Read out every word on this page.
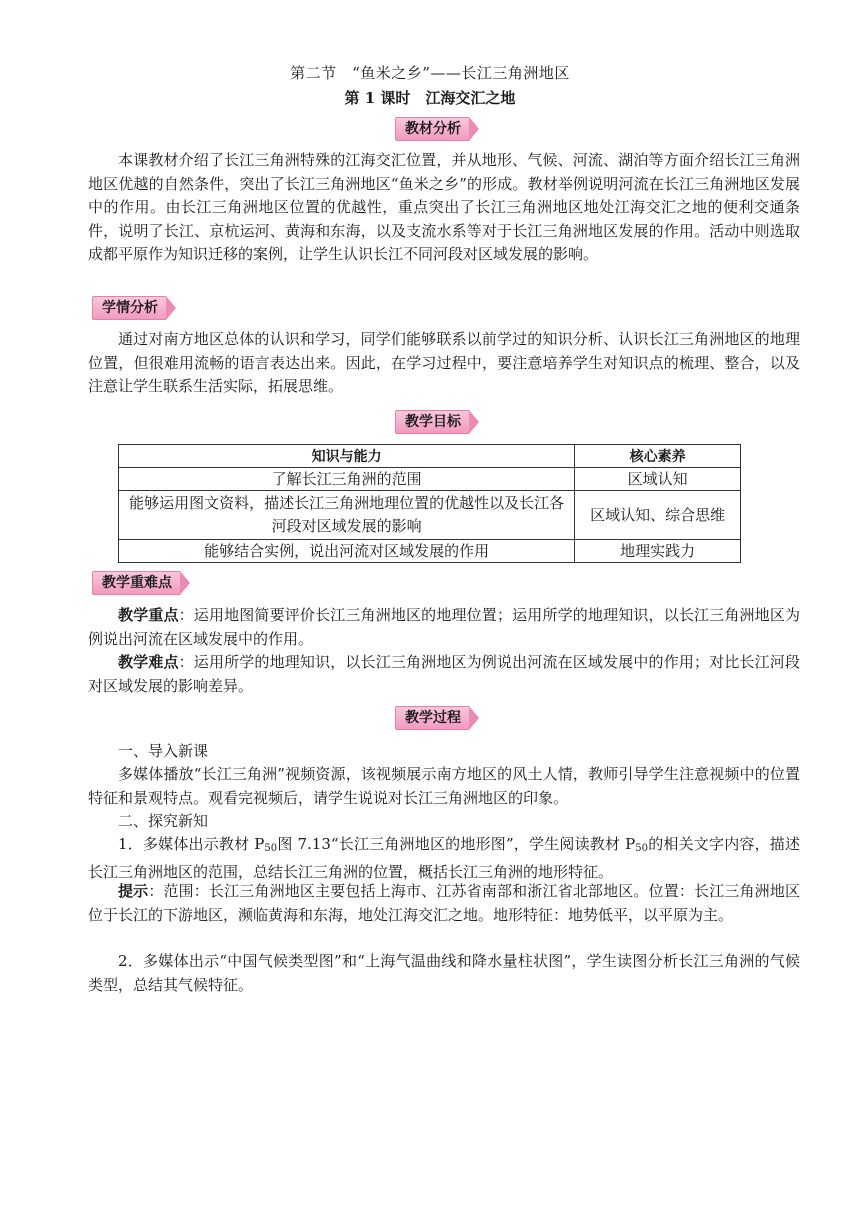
第二节　“鱼米之乡”——长江三角洲地区
第 1 课时　江海交汇之地
教材分析

本课教材介绍了长江三角洲特殊的江海交汇位置，并从地形、气候、河流、湖泊等方面介绍长江三角洲地区优越的自然条件，突出了长江三角洲地区“鱼米之乡”的形成。教材举例说明河流在长江三角洲地区发展中的作用。由长江三角洲地区位置的优越性，重点突出了长江三角洲地区地处江海交汇之地的便利交通条件，说明了长江、京杭运河、黄海和东海，以及支流水系等对于长江三角洲地区发展的作用。活动中则选取成都平原作为知识迁移的案例，让学生认识长江不同河段对区域发展的影响。

学情分析

通过对南方地区总体的认识和学习，同学们能够联系以前学过的知识分析、认识长江三角洲地区的地理位置，但很难用流畅的语言表达出来。因此，在学习过程中，要注意培养学生对知识点的梳理、整合，以及注意让学生联系生活实际，拓展思维。

教学目标
知识与能力	核心素养
了解长江三角洲的范围	区域认知
能够运用图文资料，描述长江三角洲地理位置的优越性以及长江各河段对区域发展的影响	区域认知、综合思维
能够结合实例，说出河流对区域发展的作用	地理实践力
教学重难点

教学重点：运用地图简要评价长江三角洲地区的地理位置；运用所学的地理知识，以长江三角洲地区为例说出河流在区域发展中的作用。

教学难点：运用所学的地理知识，以长江三角洲地区为例说出河流在区域发展中的作用；对比长江河段对区域发展的影响差异。

教学过程

一、导入新课

多媒体播放“长江三角洲”视频资源，该视频展示南方地区的风土人情，教师引导学生注意视频中的位置特征和景观特点。观看完视频后，请学生说说对长江三角洲地区的印象。

二、探究新知

1．多媒体出示教材 $P_{50}$图 7.13“长江三角洲地区的地形图”，学生阅读教材 $P_{50}$的相关文字内容，描述长江三角洲地区的范围，总结长江三角洲的位置，概括长江三角洲的地形特征。

提示：范围：长江三角洲地区主要包括上海市、江苏省南部和浙江省北部地区。位置：长江三角洲地区位于长江的下游地区，濒临黄海和东海，地处江海交汇之地。地形特征：地势低平，以平原为主。

2．多媒体出示“中国气候类型图”和“上海气温曲线和降水量柱状图”，学生读图分析长江三角洲的气候类型，总结其气候特征。
